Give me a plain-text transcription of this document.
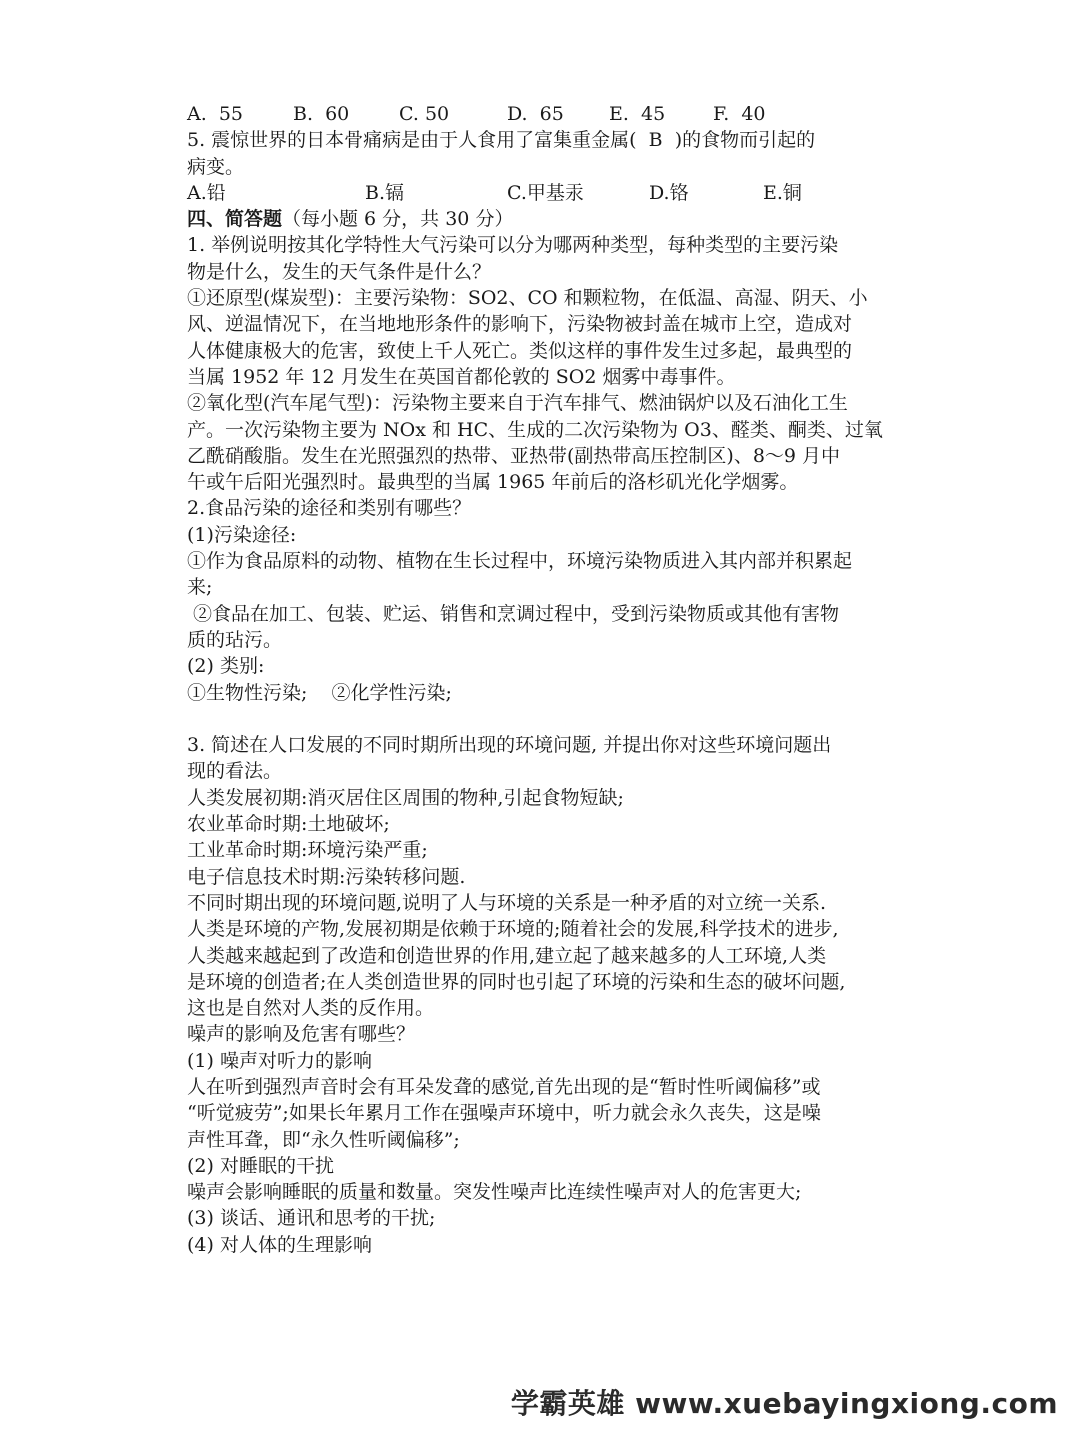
A.  55	B.  60	C. 50	D.  65	E.  45	F.  40

5. 震惊世界的日本骨痛病是由于人食用了富集重金属(  B  )的食物而引起的

病变。

A.铅	B.镉	C.甲基汞	D.铬	E.铜

四、简答题（每小题 6 分，共 30 分）

1. 举例说明按其化学特性大气污染可以分为哪两种类型，每种类型的主要污染

物是什么，发生的天气条件是什么？

①还原型(煤炭型)：主要污染物：SO2、CO 和颗粒物，在低温、高湿、阴天、小

风、逆温情况下，在当地地形条件的影响下，污染物被封盖在城市上空，造成对

人体健康极大的危害，致使上千人死亡。类似这样的事件发生过多起，最典型的

当属 1952 年 12 月发生在英国首都伦敦的 SO2 烟雾中毒事件。

②氧化型(汽车尾气型)：污染物主要来自于汽车排气、燃油锅炉以及石油化工生

产。一次污染物主要为 NOx 和 HC、生成的二次污染物为 O3、醛类、酮类、过氧

乙酰硝酸脂。发生在光照强烈的热带、亚热带(副热带高压控制区)、8～9 月中

午或午后阳光强烈时。最典型的当属 1965 年前后的洛杉矶光化学烟雾。

2.食品污染的途径和类别有哪些？

(1)污染途径:

①作为食品原料的动物、植物在生长过程中，环境污染物质进入其内部并积累起

来;

②食品在加工、包装、贮运、销售和烹调过程中，受到污染物质或其他有害物

质的玷污。

(2) 类别:

①生物性污染;    ②化学性污染;

3. 简述在人口发展的不同时期所出现的环境问题, 并提出你对这些环境问题出

现的看法。

人类发展初期:消灭居住区周围的物种,引起食物短缺;

农业革命时期:土地破坏;

工业革命时期:环境污染严重;

电子信息技术时期:污染转移问题.

不同时期出现的环境问题,说明了人与环境的关系是一种矛盾的对立统一关系.

人类是环境的产物,发展初期是依赖于环境的;随着社会的发展,科学技术的进步,

人类越来越起到了改造和创造世界的作用,建立起了越来越多的人工环境,人类

是环境的创造者;在人类创造世界的同时也引起了环境的污染和生态的破坏问题,

这也是自然对人类的反作用。

噪声的影响及危害有哪些？

(1) 噪声对听力的影响

人在听到强烈声音时会有耳朵发聋的感觉,首先出现的是“暂时性听阈偏移”或

“听觉疲劳”;如果长年累月工作在强噪声环境中，听力就会永久丧失，这是噪

声性耳聋，即“永久性听阈偏移”;

(2) 对睡眠的干扰

噪声会影响睡眠的质量和数量。突发性噪声比连续性噪声对人的危害更大;

(3) 谈话、通讯和思考的干扰;

(4) 对人体的生理影响

学霸英雄 www.xuebayingxiong.com
